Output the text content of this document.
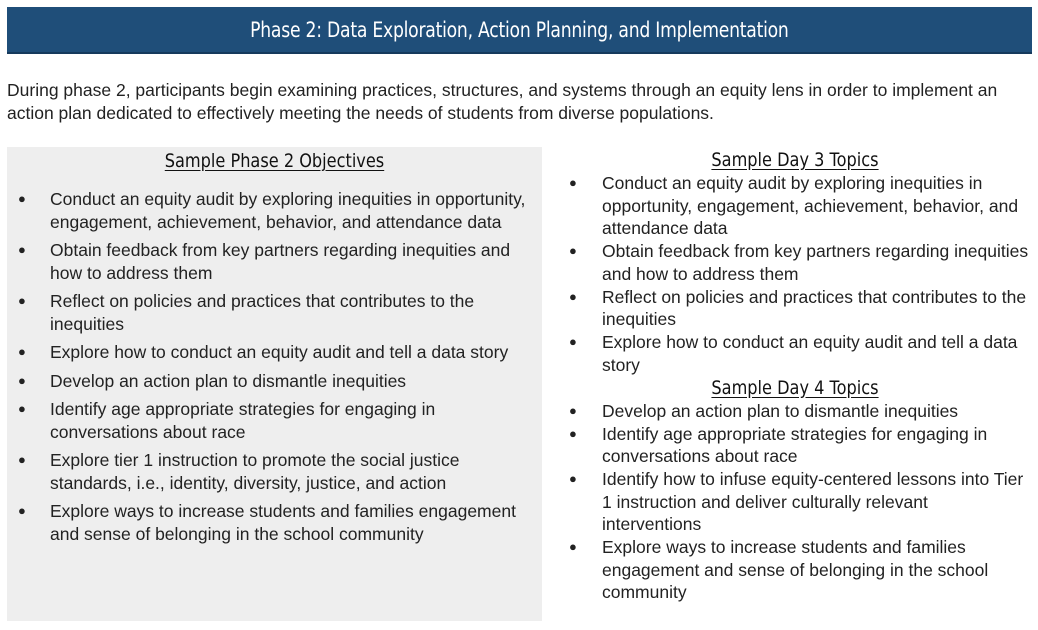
Phase 2: Data Exploration, Action Planning, and Implementation

During phase 2, participants begin examining practices, structures, and systems through an equity lens in order to implement an action plan dedicated to effectively meeting the needs of students from diverse populations.

Sample Phase 2 Objectives
● Conduct an equity audit by exploring inequities in opportunity, engagement, achievement, behavior, and attendance data
● Obtain feedback from key partners regarding inequities and how to address them
● Reflect on policies and practices that contributes to the inequities
● Explore how to conduct an equity audit and tell a data story
● Develop an action plan to dismantle inequities
● Identify age appropriate strategies for engaging in conversations about race
● Explore tier 1 instruction to promote the social justice standards, i.e., identity, diversity, justice, and action
● Explore ways to increase students and families engagement and sense of belonging in the school community
Sample Day 3 Topics
● Conduct an equity audit by exploring inequities in opportunity, engagement, achievement, behavior, and attendance data
● Obtain feedback from key partners regarding inequities and how to address them
● Reflect on policies and practices that contributes to the inequities
● Explore how to conduct an equity audit and tell a data story
Sample Day 4 Topics
● Develop an action plan to dismantle inequities
● Identify age appropriate strategies for engaging in conversations about race
● Identify how to infuse equity-centered lessons into Tier 1 instruction and deliver culturally relevant interventions
● Explore ways to increase students and families engagement and sense of belonging in the school community
